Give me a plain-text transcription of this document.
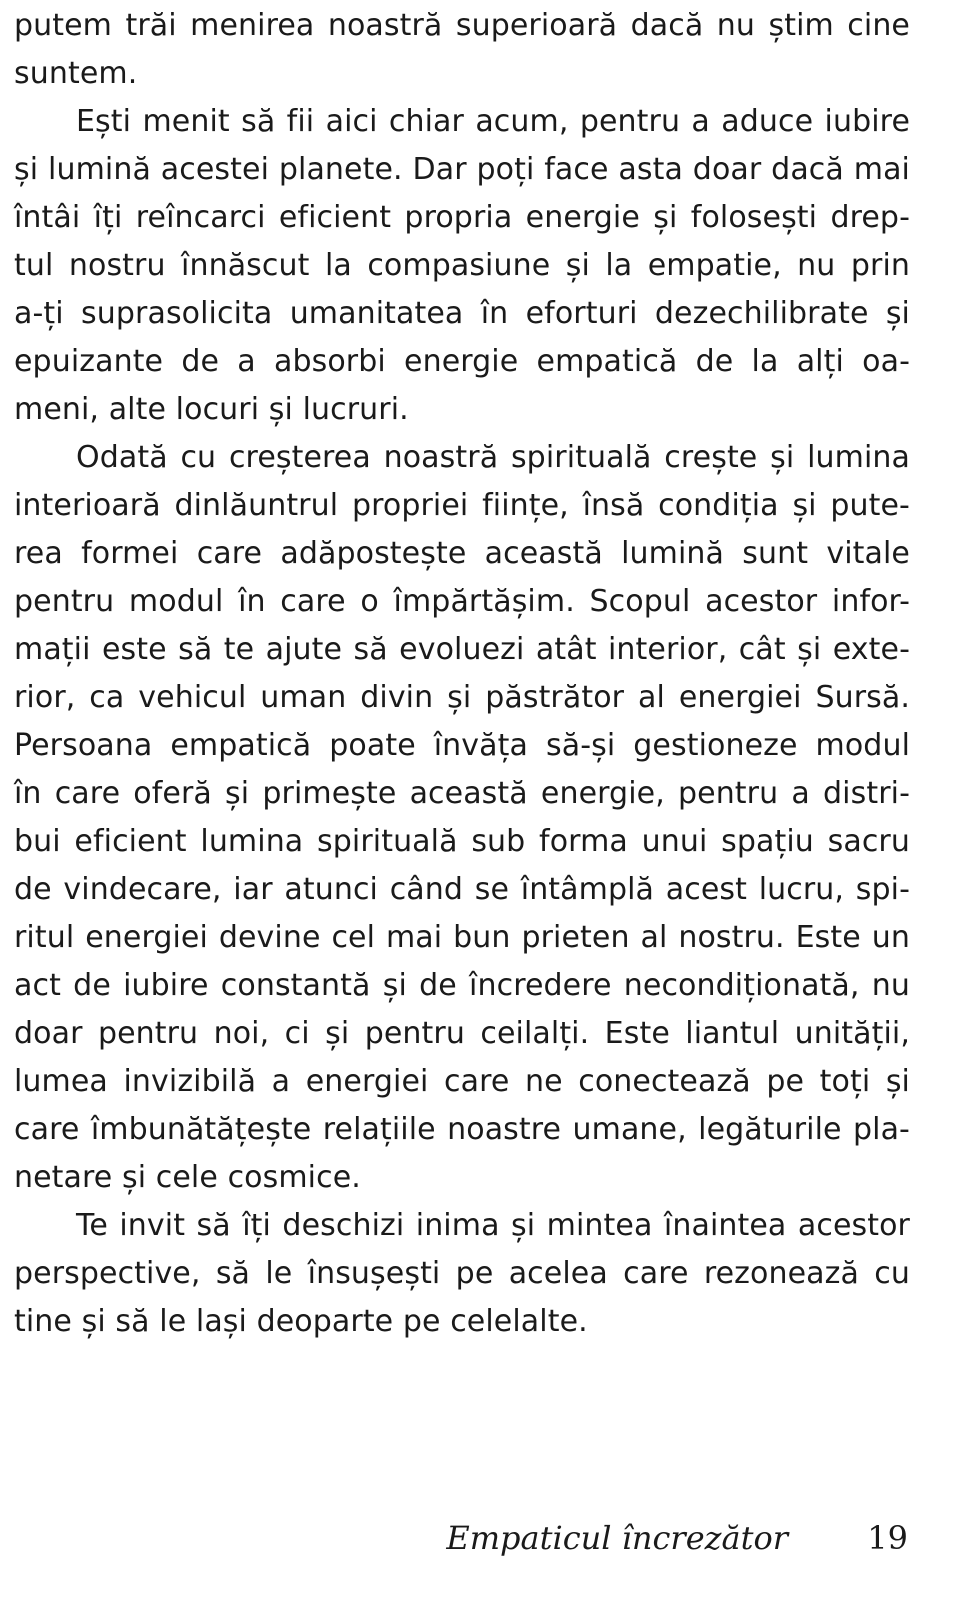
putem trăi menirea noastră superioară dacă nu știm cine
suntem.
Ești menit să fii aici chiar acum, pentru a aduce iubire
și lumină acestei planete. Dar poți face asta doar dacă mai
întâi îți reîncarci eficient propria energie și folosești drep-
tul nostru înnăscut la compasiune și la empatie, nu prin
a-ți suprasolicita umanitatea în eforturi dezechilibrate și
epuizante de a absorbi energie empatică de la alți oa-
meni, alte locuri și lucruri.
Odată cu creșterea noastră spirituală crește și lumina
interioară dinlăuntrul propriei ființe, însă condiția și pute-
rea formei care adăpostește această lumină sunt vitale
pentru modul în care o împărtășim. Scopul acestor infor-
mații este să te ajute să evoluezi atât interior, cât și exte-
rior, ca vehicul uman divin și păstrător al energiei Sursă.
Persoana empatică poate învăța să-și gestioneze modul
în care oferă și primește această energie, pentru a distri-
bui eficient lumina spirituală sub forma unui spațiu sacru
de vindecare, iar atunci când se întâmplă acest lucru, spi-
ritul energiei devine cel mai bun prieten al nostru. Este un
act de iubire constantă și de încredere necondiționată, nu
doar pentru noi, ci și pentru ceilalți. Este liantul unității,
lumea invizibilă a energiei care ne conectează pe toți și
care îmbunătățește relațiile noastre umane, legăturile pla-
netare și cele cosmice.
Te invit să îți deschizi inima și mintea înaintea acestor
perspective, să le însușești pe acelea care rezonează cu
tine și să le lași deoparte pe celelalte.
Empaticul încrezător 19
